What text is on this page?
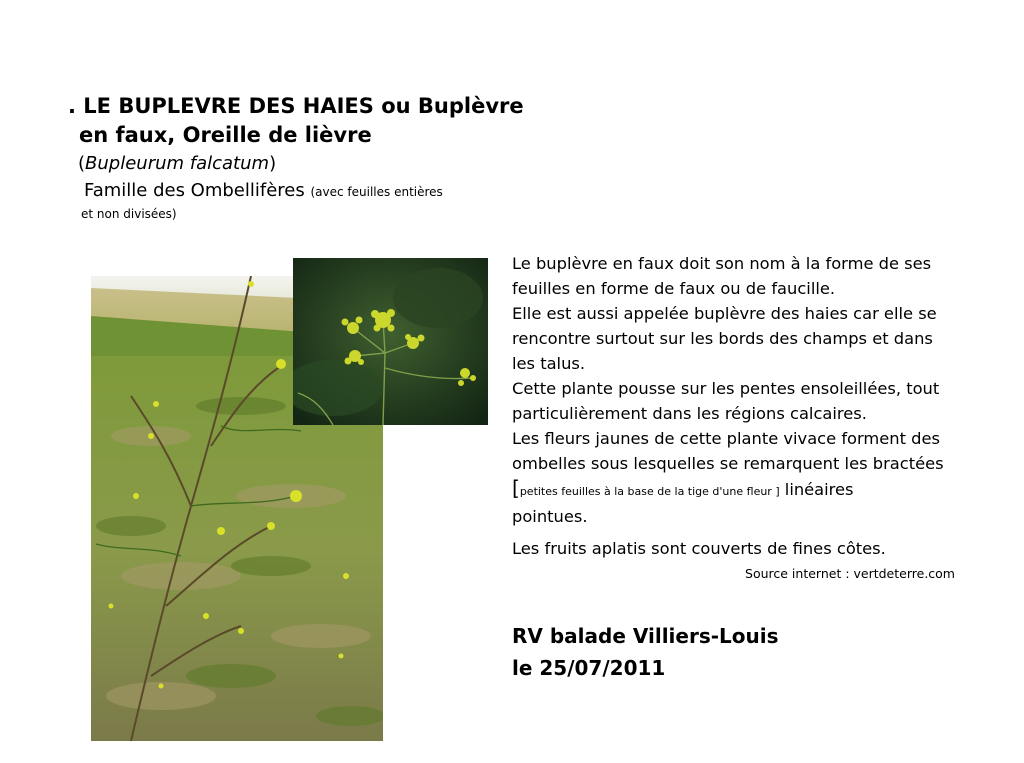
. LE BUPLEVRE DES HAIES ou Buplèvre
en faux, Oreille de lièvre
(Bupleurum falcatum)
Famille des Ombellifères (avec feuilles entières
et non divisées)

Le buplèvre en faux doit son nom à la forme de ses

feuilles en forme de faux ou de faucille.

Elle est aussi appelée buplèvre des haies car elle se

rencontre surtout sur les bords des champs et dans

les talus.

Cette plante pousse sur les pentes ensoleillées, tout

particulièrement dans les régions calcaires.

Les fleurs jaunes de cette plante vivace forment des

ombelles sous lesquelles se remarquent les bractées

[petites feuilles à la base de la tige d'une fleur ] linéaires

pointues.

Les fruits aplatis sont couverts de fines côtes.

Source internet : vertdeterre.com
RV balade Villiers-Louis
le 25/07/2011
